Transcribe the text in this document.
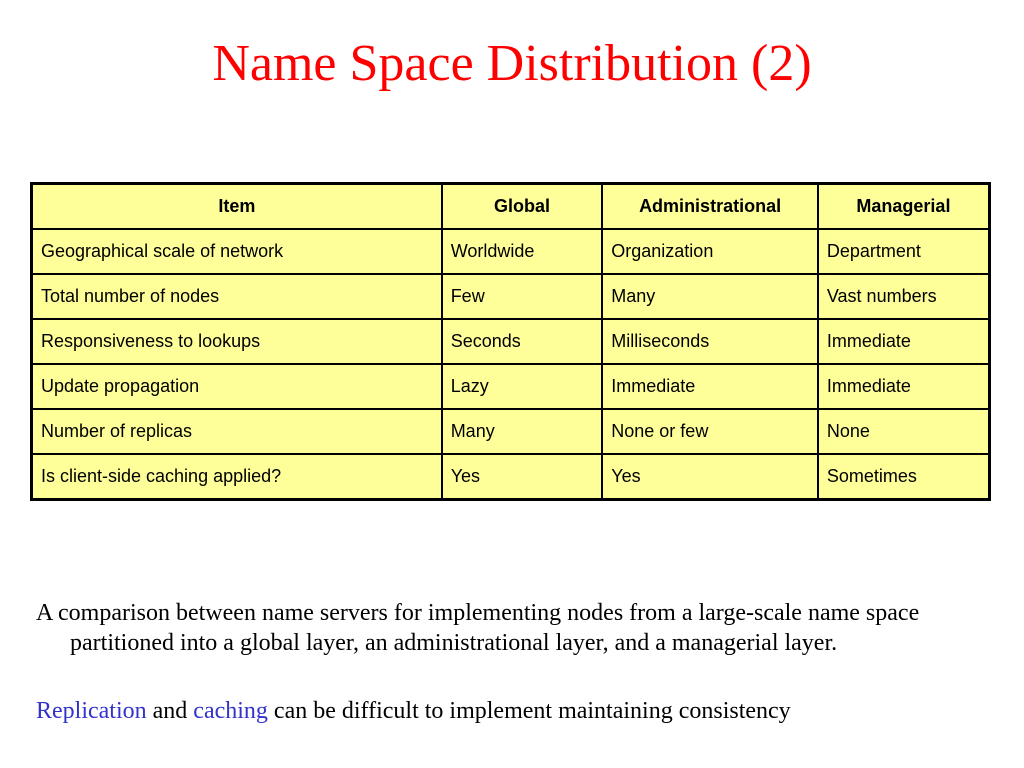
Name Space Distribution (2)
Item	Global	Administrational	Managerial
Geographical scale of network	Worldwide	Organization	Department
Total number of nodes	Few	Many	Vast numbers
Responsiveness to lookups	Seconds	Milliseconds	Immediate
Update propagation	Lazy	Immediate	Immediate
Number of replicas	Many	None or few	None
Is client-side caching applied?	Yes	Yes	Sometimes

A comparison between name servers for implementing nodes from a large-scale name space partitioned into a global layer, an administrational layer, and a managerial layer.

Replication and caching can be difficult to implement maintaining consistency
